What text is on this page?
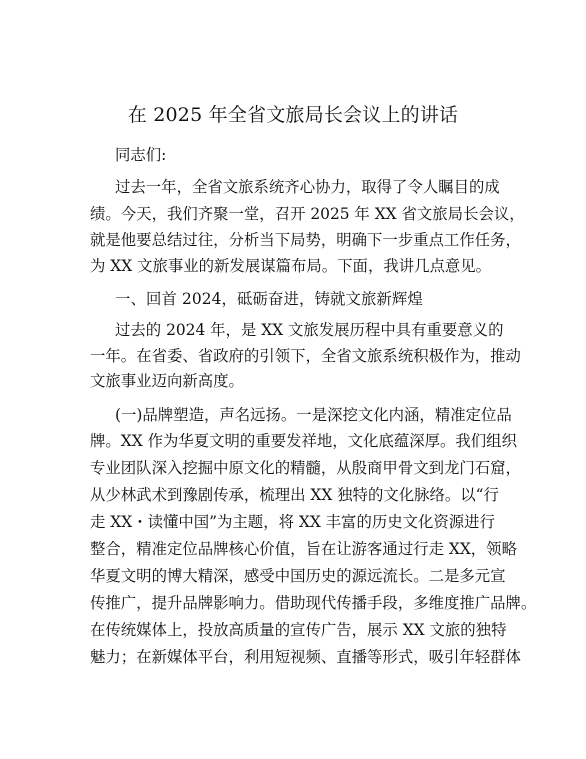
在 2025 年全省文旅局长会议上的讲话
同志们:
过去一年，全省文旅系统齐心协力，取得了令人瞩目的成
绩。今天，我们齐聚一堂，召开 2025 年 XX 省文旅局长会议，
就是他要总结过往，分析当下局势，明确下一步重点工作任务，
为 XX 文旅事业的新发展谋篇布局。下面，我讲几点意见。
一、回首 2024，砥砺奋进，铸就文旅新辉煌
过去的 2024 年，是 XX 文旅发展历程中具有重要意义的
一年。在省委、省政府的引领下，全省文旅系统积极作为，推动
文旅事业迈向新高度。
(一)品牌塑造，声名远扬。一是深挖文化内涵，精准定位品
牌。XX 作为华夏文明的重要发祥地，文化底蕴深厚。我们组织
专业团队深入挖掘中原文化的精髓，从殷商甲骨文到龙门石窟，
从少林武术到豫剧传承，梳理出 XX 独特的文化脉络。以“行
走 XX・读懂中国”为主题，将 XX 丰富的历史文化资源进行
整合，精准定位品牌核心价值，旨在让游客通过行走 XX，领略
华夏文明的博大精深，感受中国历史的源远流长。二是多元宣
传推广，提升品牌影响力。借助现代传播手段，多维度推广品牌。
在传统媒体上，投放高质量的宣传广告，展示 XX 文旅的独特
魅力；在新媒体平台，利用短视频、直播等形式，吸引年轻群体
